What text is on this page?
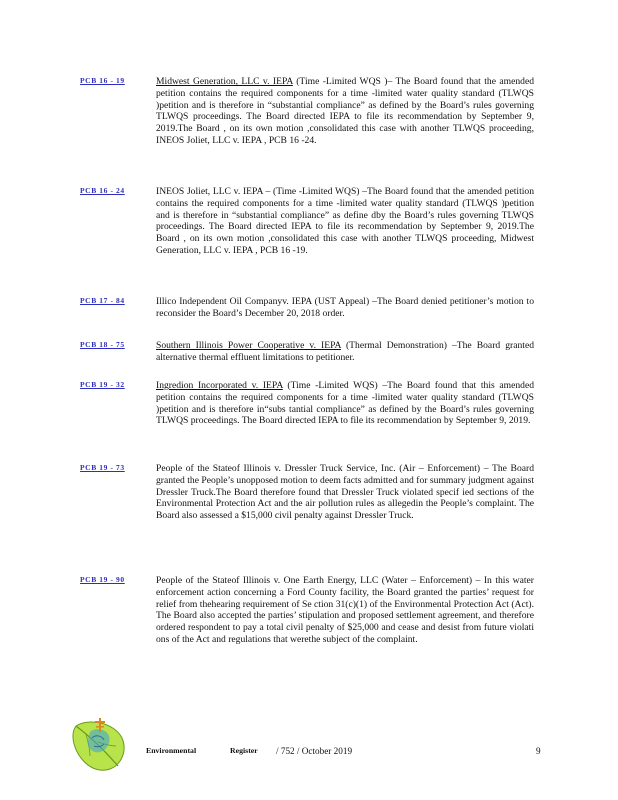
PCB 16 - 19	Midwest Generation, LLC v. IEPA (Time -Limited WQS )– The Board found that the amended petition contains the required components for a time -limited water quality standard (TLWQS )petition and is therefore in “substantial compliance” as defined by the Board’s rules governing TLWQS proceedings. The Board directed IEPA to file its recommendation by September 9, 2019.The Board , on its own motion ,consolidated this case with another TLWQS proceeding, INEOS Joliet, LLC v. IEPA , PCB 16 -24.
PCB 16 - 24	INEOS Joliet, LLC v. IEPA – (Time -Limited WQS) –The Board found that the amended petition contains the required components for a time -limited water quality standard (TLWQS )petition and is therefore in “substantial compliance” as define dby the Board’s rules governing TLWQS proceedings. The Board directed IEPA to file its recommendation by September 9, 2019.The Board , on its own motion ,consolidated this case with another TLWQS proceeding, Midwest Generation, LLC v. IEPA , PCB 16 -19.
PCB 17 - 84	Illico Independent Oil Companyv. IEPA (UST Appeal) –The Board denied petitioner’s motion to reconsider the Board’s December 20, 2018 order.
PCB 18 - 75	Southern Illinois Power Cooperative v. IEPA (Thermal Demonstration) –The Board granted alternative thermal effluent limitations to petitioner.
PCB 19 - 32	Ingredion Incorporated v. IEPA (Time -Limited WQS) –The Board found that this amended petition contains the required components for a time -limited water quality standard (TLWQS )petition and is therefore in“subs tantial compliance” as defined by the Board’s rules governing TLWQS proceedings. The Board directed IEPA to file its recommendation by September 9, 2019.
PCB 19 - 73	People of the Stateof Illinois v. Dressler Truck Service, Inc. (Air – Enforcement) – The Board granted the People’s unopposed motion to deem facts admitted and for summary judgment against Dressler Truck.The Board therefore found that Dressler Truck violated specif ied sections of the Environmental Protection Act and the air pollution rules as allegedin the People’s complaint. The Board also assessed a $15,000 civil penalty against Dressler Truck.
PCB 19 - 90	People of the Stateof Illinois v. One Earth Energy, LLC (Water – Enforcement) – In this water enforcement action concerning a Ford County facility, the Board granted the parties’ request for relief from thehearing requirement of Se ction 31(c)(1) of the Environmental Protection Act (Act). The Board also accepted the parties’ stipulation and proposed settlement agreement, and therefore ordered respondent to pay a total civil penalty of $25,000 and cease and desist from future violati ons of the Act and regulations that werethe subject of the complaint.
Environmental	Register / 752 / October 2019	9
